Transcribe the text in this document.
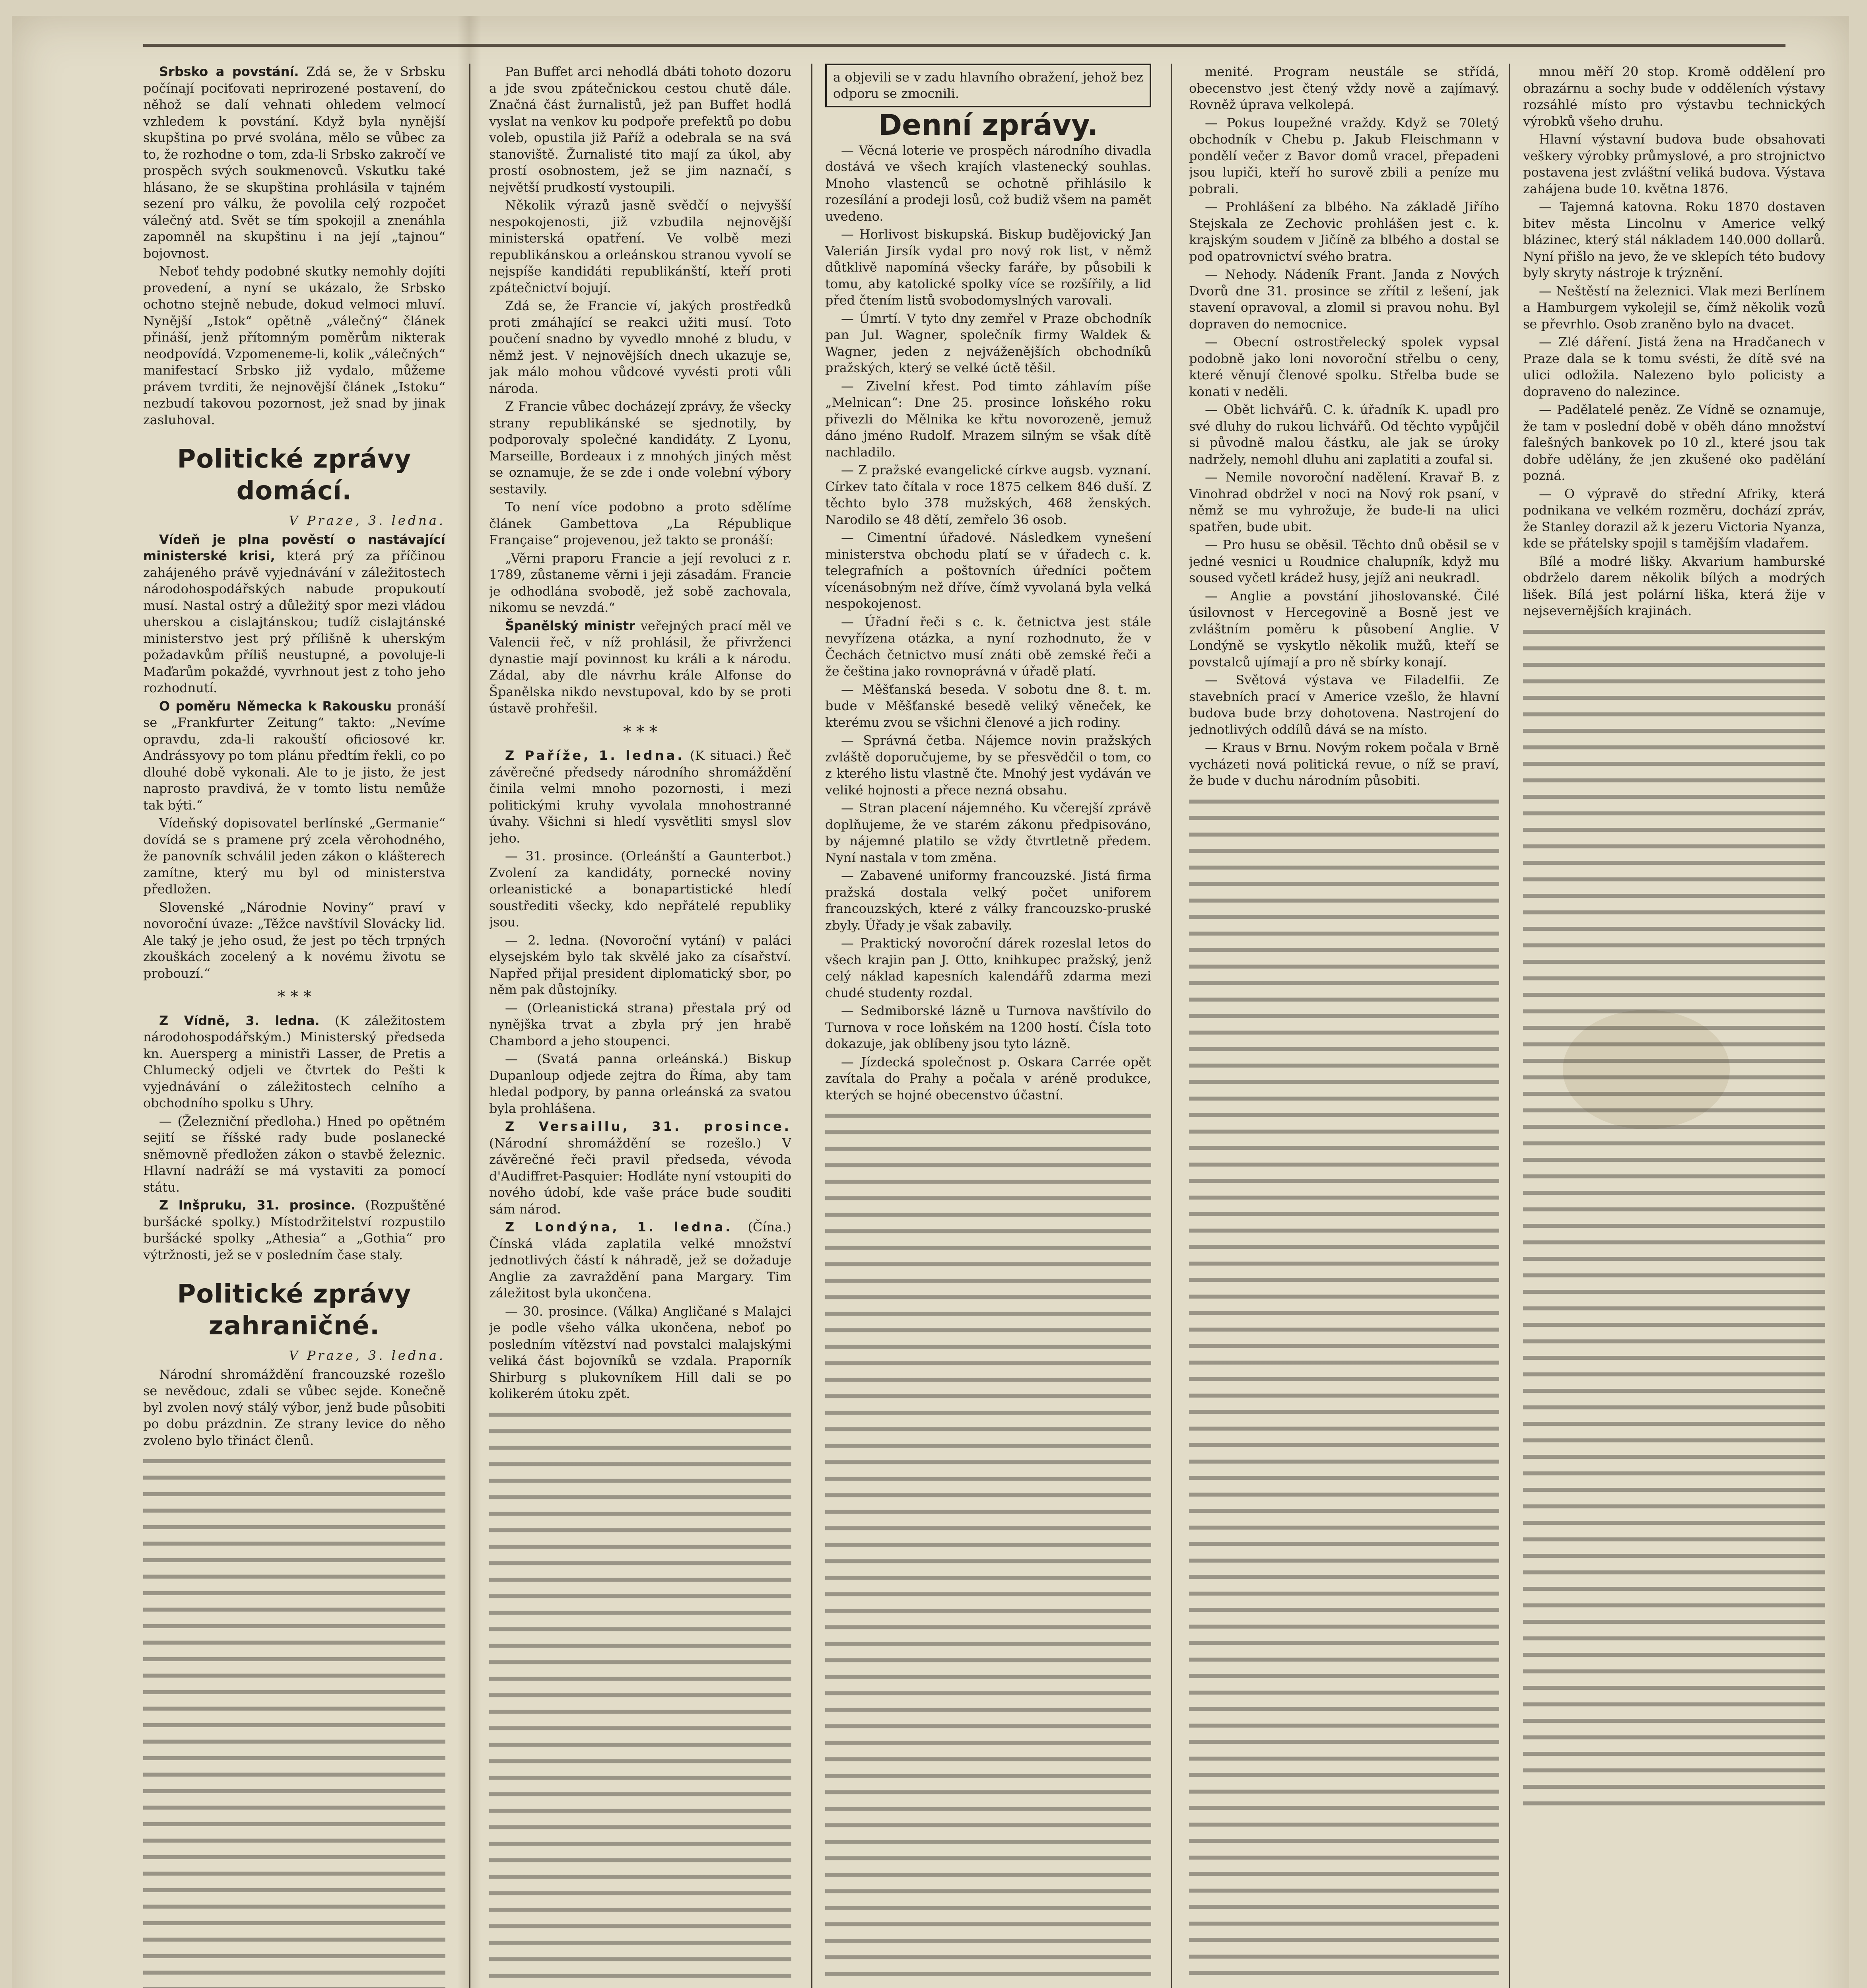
Srbsko a povstání. Zdá se, že v Srbsku počínají pociťovati neprirozené postavení, do něhož se dalí vehnati ohledem velmocí vzhledem k povstání. Když byla nynější skupština po prvé svolána, mělo se vůbec za to, že rozhodne o tom, zda-li Srbsko zakročí ve prospěch svých soukmenovců. Vskutku také hlásano, že se skupština prohlásila v tajném sezení pro válku, že povolila celý rozpočet válečný atd. Svět se tím spokojil a znenáhla zapomněl na skupštinu i na její „tajnou“ bojovnost.

Neboť tehdy podobné skutky nemohly dojíti provedení, a nyní se ukázalo, že Srbsko ochotno stejně nebude, dokud velmoci mluví. Nynější „Istok“ opětně „válečný“ článek přináší, jenž přítomným poměrům nikterak neodpovídá. Vzpomeneme-li, kolik „válečných“ manifestací Srbsko již vydalo, můžeme právem tvrditi, že nejnovější článek „Istoku“ nezbudí takovou pozornost, jež snad by jinak zasluhoval.

Politické zprávy domácí.
V Praze, 3. ledna.

Vídeň je plna pověstí o nastávající ministerské krisi, která prý za příčinou zahájeného právě vyjednávání v záležitostech národohospodářských nabude propukoutí musí. Nastal ostrý a důležitý spor mezi vládou uherskou a cislajtánskou; tudíž cislajtánské ministerstvo jest prý přílišně k uherským požadavkům příliš neustupné, a povoluje-li Maďarům pokaždé, vyvrhnout jest z toho jeho rozhodnutí.

O poměru Německa k Rakousku pronáší se „Frankfurter Zeitung“ takto: „Nevíme opravdu, zda-li rakouští oficiosové kr. Andrássyovy po tom plánu předtím řekli, co po dlouhé době vykonali. Ale to je jisto, že jest naprosto pravdivá, že v tomto listu nemůže tak býti.“

Vídeňský dopisovatel berlínské „Germanie“ dovídá se s pramene prý zcela věrohodného, že panovník schválil jeden zákon o klášterech zamítne, který mu byl od ministerstva předložen.

Slovenské „Národnie Noviny“ praví v novoroční úvaze: „Těžce navštívil Slovácky lid. Ale taký je jeho osud, že jest po těch trpných zkouškách zocelený a k novému životu se probouzí.“

* * *

Z Vídně, 3. ledna. (K záležitostem národohospodářským.) Ministerský předseda kn. Auersperg a ministři Lasser, de Pretis a Chlumecký odjeli ve čtvrtek do Pešti k vyjednávání o záležitostech celního a obchodního spolku s Uhry.

— (Železniční předloha.) Hned po opětném sejití se říšské rady bude poslanecké sněmovně předložen zákon o stavbě železnic. Hlavní nadráží se má vystaviti za pomocí státu.

Z Inšpruku, 31. prosince. (Rozpuštěné buršácké spolky.) Místodržitelství rozpustilo buršácké spolky „Athesia“ a „Gothia“ pro výtržnosti, jež se v posledním čase staly.

Politické zprávy zahraničné.
V Praze, 3. ledna.

Národní shromáždění francouzské rozešlo se nevědouc, zdali se vůbec sejde. Konečně byl zvolen nový stálý výbor, jenž bude působiti po dobu prázdnin. Ze strany levice do něho zvoleno bylo třináct členů.

Pan Buffet arci nehodlá dbáti tohoto dozoru a jde svou zpátečnickou cestou chutě dále. Značná část žurnalistů, jež pan Buffet hodlá vyslat na venkov ku podpoře prefektů po dobu voleb, opustila již Paříž a odebrala se na svá stanoviště. Žurnalisté tito mají za úkol, aby prostí osobnostem, jež se jim naznačí, s největší prudkostí vystoupili.

Několik výrazů jasně svědčí o nejvyšší nespokojenosti, již vzbudila nejnovější ministerská opatření. Ve volbě mezi republikánskou a orleánskou stranou vyvolí se nejspíše kandidáti republikánští, kteří proti zpátečnictví bojují.

Zdá se, že Francie ví, jakých prostředků proti zmáhající se reakci užiti musí. Toto poučení snadno by vyvedlo mnohé z bludu, v němž jest. V nejnovějších dnech ukazuje se, jak málo mohou vůdcové vyvésti proti vůli národa.

Z Francie vůbec docházejí zprávy, že všecky strany republikánské se sjednotily, by podporovaly společné kandidáty. Z Lyonu, Marseille, Bordeaux i z mnohých jiných měst se oznamuje, že se zde i onde volební výbory sestavily.

To není více podobno a proto sdělíme článek Gambettova „La République Française“ projevenou, jež takto se pronáší:

„Věrni praporu Francie a její revoluci z r. 1789, zůstaneme věrni i jeji zásadám. Francie je odhodlána svobodě, jež sobě zachovala, nikomu se nevzdá.“

Španělský ministr veřejných prací měl ve Valencii řeč, v níž prohlásil, že přivrženci dynastie mají povinnost ku králi a k národu. Zádal, aby dle návrhu krále Alfonse do Španělska nikdo nevstupoval, kdo by se proti ústavě prohřešil.

* * *

Z Paříže, 1. ledna. (K situaci.) Řeč závěrečné předsedy národního shromáždění činila velmi mnoho pozornosti, i mezi politickými kruhy vyvolala mnohostranné úvahy. Všichni si hledí vysvětliti smysl slov jeho.

— 31. prosince. (Orleánští a Gaunterbot.) Zvolení za kandidáty, pornecké noviny orleanistické a bonapartistické hledí soustřediti všecky, kdo nepřátelé republiky jsou.

— 2. ledna. (Novoroční vytání) v paláci elysejském bylo tak skvělé jako za císařství. Napřed přijal president diplomatický sbor, po něm pak důstojníky.

— (Orleanistická strana) přestala prý od nynějška trvat a zbyla prý jen hrabě Chambord a jeho stoupenci.

— (Svatá panna orleánská.) Biskup Dupanloup odjede zejtra do Říma, aby tam hledal podpory, by panna orleánská za svatou byla prohlášena.

Z Versaillu, 31. prosince. (Národní shromáždění se rozešlo.) V závěrečné řeči pravil předseda, vévoda d'Audiffret-Pasquier: Hodláte nyní vstoupiti do nového údobí, kde vaše práce bude souditi sám národ.

Z Londýna, 1. ledna. (Čína.) Čínská vláda zaplatila velké množství jednotlivých částí k náhradě, jež se dožaduje Anglie za zavraždění pana Margary. Tim záležitost byla ukončena.

— 30. prosince. (Válka) Angličané s Malajci je podle všeho válka ukončena, neboť po posledním vítězství nad povstalci malajskými veliká část bojovníků se vzdala. Praporník Shirburg s plukovníkem Hill dali se po kolikerém útoku zpět.

a objevili se v zadu hlavního obražení, jehož bez odporu se zmocnili.
Denní zprávy.

— Věcná loterie ve prospěch národního divadla dostává ve všech krajích vlastenecký souhlas. Mnoho vlastenců se ochotně přihlásilo k rozesílání a prodeji losů, což budiž všem na pamět uvedeno.

— Horlivost biskupská. Biskup budějovický Jan Valerián Jirsík vydal pro nový rok list, v němž důtklivě napomíná všecky faráře, by působili k tomu, aby katolické spolky více se rozšířily, a lid před čtením listů svobodomyslných varovali.

— Úmrtí. V tyto dny zemřel v Praze obchodník pan Jul. Wagner, společník firmy Waldek & Wagner, jeden z nejváženějších obchodníků pražských, který se velké úctě těšil.

— Zivelní křest. Pod timto záhlavím píše „Melnican“: Dne 25. prosince loňského roku přivezli do Mělnika ke křtu novorozeně, jemuž dáno jméno Rudolf. Mrazem silným se však dítě nachladilo.

— Z pražské evangelické církve augsb. vyznaní. Církev tato čítala v roce 1875 celkem 846 duší. Z těchto bylo 378 mužských, 468 ženských. Narodilo se 48 dětí, zemřelo 36 osob.

— Cimentní úřadové. Následkem vynešení ministerstva obchodu platí se v úřadech c. k. telegrafních a poštovních úředníci počtem vícenásobným než dříve, čímž vyvolaná byla velká nespokojenost.

— Úřadní řeči s c. k. četnictva jest stále nevyřízena otázka, a nyní rozhodnuto, že v Čechách četnictvo musí znáti obě zemské řeči a že čeština jako rovnoprávná v úřadě platí.

— Měšťanská beseda. V sobotu dne 8. t. m. bude v Měšťanské besedě veliký věneček, ke kterému zvou se všichni členové a jich rodiny.

— Správná četba. Nájemce novin pražských zvláště doporučujeme, by se přesvědčil o tom, co z kterého listu vlastně čte. Mnohý jest vydáván ve veliké hojnosti a přece nezná obsahu.

— Stran placení nájemného. Ku včerejší zprávě doplňujeme, že ve starém zákonu předpisováno, by nájemné platilo se vždy čtvrtletně předem. Nyní nastala v tom změna.

— Zabavené uniformy francouzské. Jistá firma pražská dostala velký počet uniforem francouzských, které z války francouzsko-pruské zbyly. Úřady je však zabavily.

— Praktický novoroční dárek rozeslal letos do všech krajin pan J. Otto, knihkupec pražský, jenž celý náklad kapesních kalendářů zdarma mezi chudé studenty rozdal.

— Sedmiborské lázně u Turnova navštívilo do Turnova v roce loňském na 1200 hostí. Čísla toto dokazuje, jak oblíbeny jsou tyto lázně.

— Jízdecká společnost p. Oskara Carrée opět zavítala do Prahy a počala v aréně produkce, kterých se hojné obecenstvo účastní.

menité. Program neustále se střídá, obecenstvo jest čtený vždy nově a zajímavý. Rovněž úprava velkolepá.

— Pokus loupežné vraždy. Když se 70letý obchodník v Chebu p. Jakub Fleischmann v pondělí večer z Bavor domů vracel, přepadeni jsou lupiči, kteří ho surově zbili a peníze mu pobrali.

— Prohlášení za blbého. Na základě Jiřího Stejskala ze Zechovic prohlášen jest c. k. krajským soudem v Jičíně za blbého a dostal se pod opatrovnictví svého bratra.

— Nehody. Nádeník Frant. Janda z Nových Dvorů dne 31. prosince se zřítil z lešení, jak stavení opravoval, a zlomil si pravou nohu. Byl dopraven do nemocnice.

— Obecní ostrostřelecký spolek vypsal podobně jako loni novoroční střelbu o ceny, které věnují členové spolku. Střelba bude se konati v neděli.

— Obět lichvářů. C. k. úřadník K. upadl pro své dluhy do rukou lichvářů. Od těchto vypůjčil si původně malou částku, ale jak se úroky nadržely, nemohl dluhu ani zaplatiti a zoufal si.

— Nemile novoroční nadělení. Kravař B. z Vinohrad obdržel v noci na Nový rok psaní, v němž se mu vyhrožuje, že bude-li na ulici spatřen, bude ubit.

— Pro husu se oběsil. Těchto dnů oběsil se v jedné vesnici u Roudnice chalupník, když mu soused vyčetl krádež husy, jejíž ani neukradl.

— Anglie a povstání jihoslovanské. Čilé úsilovnost v Hercegovině a Bosně jest ve zvláštním poměru k působení Anglie. V Londýně se vyskytlo několik mužů, kteří se povstalců ujímají a pro ně sbírky konají.

— Světová výstava ve Filadelfii. Ze stavebních prací v Americe vzešlo, že hlavní budova bude brzy dohotovena. Nastrojení do jednotlivých oddílů dává se na místo.

— Kraus v Brnu. Novým rokem počala v Brně vycházeti nová politická revue, o níž se praví, že bude v duchu národním působiti.

mnou měří 20 stop. Kromě oddělení pro obrazárnu a sochy bude v odděleních výstavy rozsáhlé místo pro výstavbu technických výrobků všeho druhu.

Hlavní výstavní budova bude obsahovati veškery výrobky průmyslové, a pro strojnictvo postavena jest zvláštní veliká budova. Výstava zahájena bude 10. května 1876.

— Tajemná katovna. Roku 1870 dostaven bitev města Lincolnu v Americe velký blázinec, který stál nákladem 140.000 dollarů. Nyní přišlo na jevo, že ve sklepích této budovy byly skryty nástroje k trýznění.

— Neštěstí na železnici. Vlak mezi Berlínem a Hamburgem vykolejil se, čímž několik vozů se převrhlo. Osob zraněno bylo na dvacet.

— Zlé dáření. Jistá žena na Hradčanech v Praze dala se k tomu svésti, že dítě své na ulici odložila. Nalezeno bylo policisty a dopraveno do nalezince.

— Padělatelé peněz. Ze Vídně se oznamuje, že tam v poslední době v oběh dáno množství falešných bankovek po 10 zl., které jsou tak dobře udělány, že jen zkušené oko padělání pozná.

— O výpravě do střední Afriky, která podnikana ve velkém rozměru, dochází zpráv, že Stanley dorazil až k jezeru Victoria Nyanza, kde se přátelsky spojil s tamějším vladařem.

Bílé a modré lišky. Akvarium hamburské obdrželo darem několik bílých a modrých lišek. Bílá jest polární liška, která žije v nejsevernějších krajinách.
